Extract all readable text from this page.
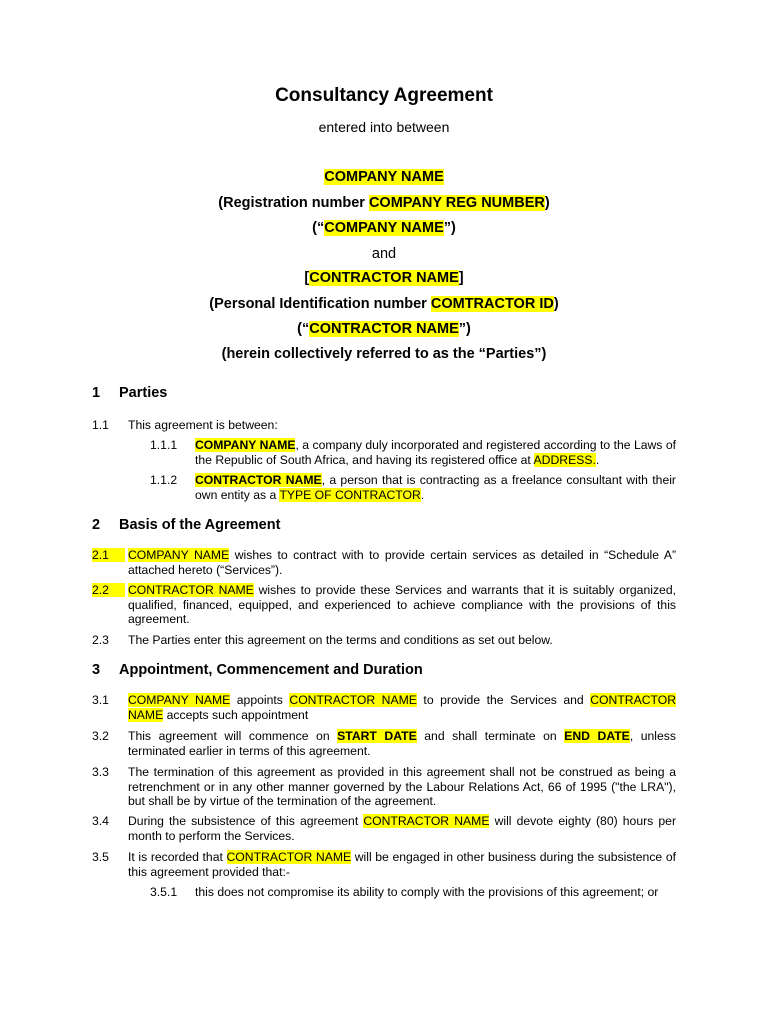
Consultancy Agreement
entered into between
COMPANY NAME
(Registration number COMPANY REG NUMBER)
(“COMPANY NAME”)
and
[CONTRACTOR NAME]
(Personal Identification number COMTRACTOR ID)
(“CONTRACTOR NAME”)
(herein collectively referred to as the “Parties”)
1 Parties
1.1 This agreement is between:
1.1.1 COMPANY NAME, a company duly incorporated and registered according to the Laws of the Republic of South Africa, and having its registered office at ADDRESS..
1.1.2 CONTRACTOR NAME, a person that is contracting as a freelance consultant with their own entity as a TYPE OF CONTRACTOR.
2 Basis of the Agreement
2.1	COMPANY NAME wishes to contract with to provide certain services as detailed in “Schedule A” attached hereto (“Services”).
2.2	CONTRACTOR NAME wishes to provide these Services and warrants that it is suitably organized, qualified, financed, equipped, and experienced to achieve compliance with the provisions of this agreement.
2.3 The Parties enter this agreement on the terms and conditions as set out below.
3 Appointment, Commencement and Duration
3.1 COMPANY NAME appoints CONTRACTOR NAME to provide the Services and CONTRACTOR NAME accepts such appointment
3.2 This agreement will commence on START DATE and shall terminate on END DATE, unless terminated earlier in terms of this agreement.
3.3 The termination of this agreement as provided in this agreement shall not be construed as being a retrenchment or in any other manner governed by the Labour Relations Act, 66 of 1995 ("the LRA"), but shall be by virtue of the termination of the agreement.
3.4 During the subsistence of this agreement CONTRACTOR NAME will devote eighty (80) hours per month to perform the Services.
3.5 It is recorded that CONTRACTOR NAME will be engaged in other business during the subsistence of this agreement provided that:-
3.5.1 this does not compromise its ability to comply with the provisions of this agreement; or
